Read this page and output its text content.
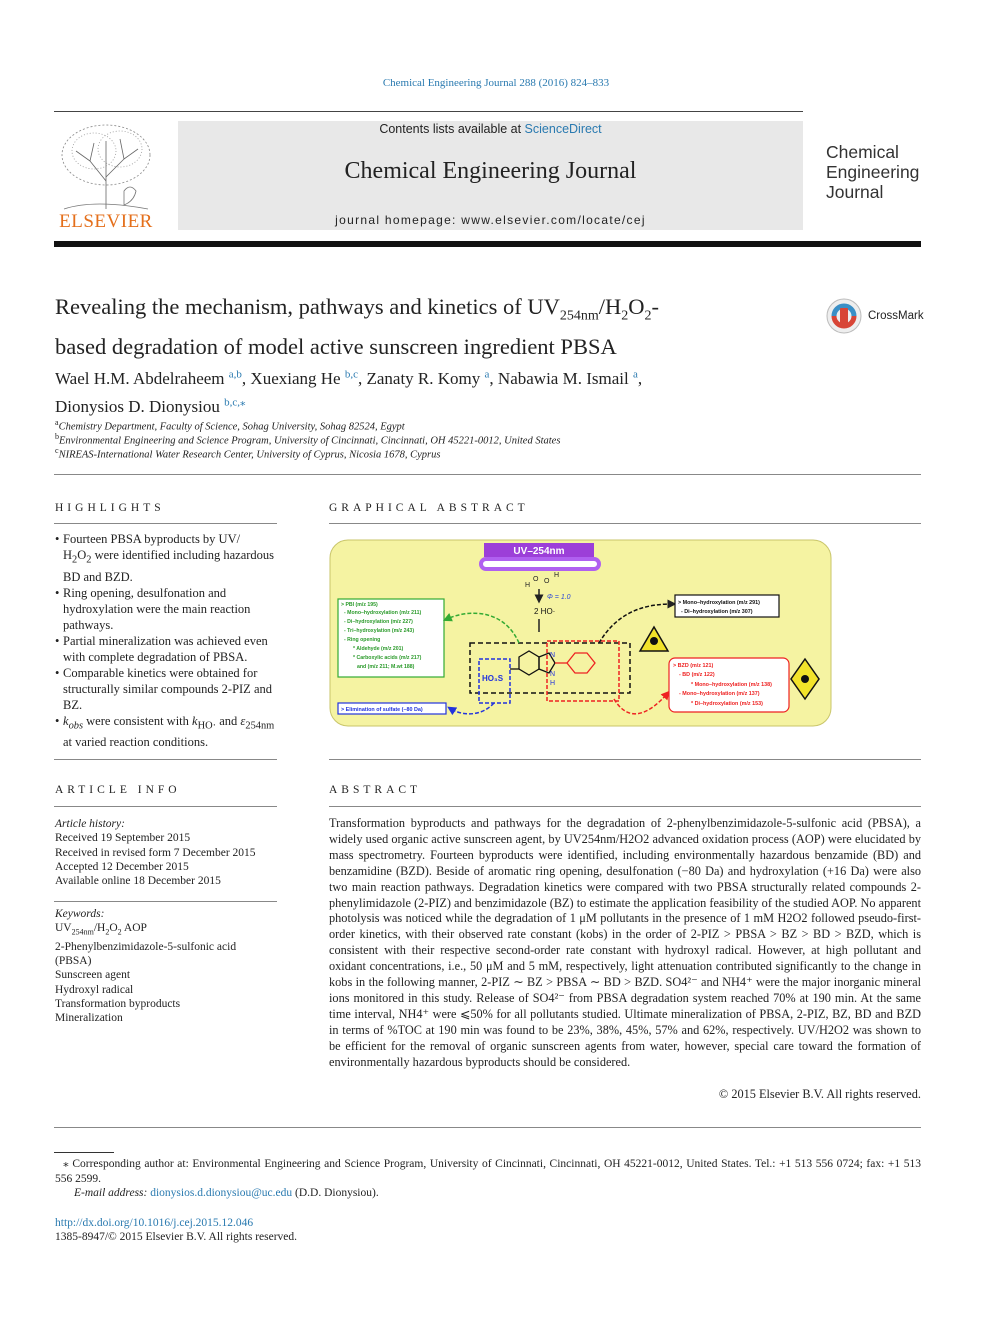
Chemical Engineering Journal 288 (2016) 824–833
ELSEVIER
Contents lists available at ScienceDirect
Chemical Engineering Journal
journal homepage: www.elsevier.com/locate/cej
Chemical
Engineering
Journal
Revealing the mechanism, pathways and kinetics of $UV_{254nm}/H_2O_2-$
based degradation of model active sunscreen ingredient PBSA
CrossMark
Wael H.M. Abdelraheem $^{a,b}$, Xuexiang He $^{b,c}$, Zanaty R. Komy $^a$, Nabawia M. Ismail $^a$,
Dionysios D. Dionysiou $^{b,c,⁎}$
$^a$Chemistry Department, Faculty of Science, Sohag University, Sohag 82524, Egypt
$^b$Environmental Engineering and Science Program, University of Cincinnati, Cincinnati, OH 45221-0012, United States
$^c$NIREAS-International Water Research Center, University of Cyprus, Nicosia 1678, Cyprus
HIGHLIGHTS
• Fourteen PBSA byproducts by UV/
$H_2O_2$ were identified including hazardous BD and BZD.
• Ring opening, desulfonation and hydroxylation were the main reaction pathways.
• Partial mineralization was achieved even with complete degradation of PBSA.
• Comparable kinetics were obtained for structurally similar compounds 2-PIZ and BZ.
• $k_{obs}$ were consistent with $k_{HO\cdot}$ and $\varepsilon_{254nm}$ at varied reaction conditions.
GRAPHICAL ABSTRACT
UV–254nm
H
O O
H
Φ = 1.0
2 HO·
> PBI (m/z 195)
- Mono–hydroxylation (m/z 211)
- Di–hydroxylation (m/z 227)
- Tri–hydroxylation (m/z 243)
- Ring opening
* Aldehyde (m/z 201)
* Carboxylic acids (m/z 217)
and (m/z 211; M.wt 188)
HO₃S
N
N
H
> Mono–hydroxylation (m/z 291)
- Di–hydroxylation (m/z 307)
> BZD (m/z 121)
- BD (m/z 122)
* Mono–hydroxylation (m/z 138)
- Mono–hydroxylation (m/z 137)
* Di–hydroxylation (m/z 153)
> Elimination of sulfate (–80 Da)
ARTICLE INFO
Article history:
Received 19 September 2015
Received in revised form 7 December 2015
Accepted 12 December 2015
Available online 18 December 2015
Keywords:
$UV_{254nm}/H_2O_2$ AOP
2-Phenylbenzimidazole-5-sulfonic acid
(PBSA)
Sunscreen agent
Hydroxyl radical
Transformation byproducts
Mineralization
ABSTRACT
Transformation byproducts and pathways for the degradation of 2-phenylbenzimidazole-5-sulfonic acid (PBSA), a widely used organic active sunscreen agent, by UV254nm/H2O2 advanced oxidation process (AOP) were elucidated by mass spectrometry. Fourteen byproducts were identified, including environmentally hazardous benzamide (BD) and benzamidine (BZD). Beside of aromatic ring opening, desulfonation (−80 Da) and hydroxylation (+16 Da) were also two main reaction pathways. Degradation kinetics were compared with two PBSA structurally related compounds 2-phenylimidazole (2-PIZ) and benzimidazole (BZ) to estimate the application feasibility of the studied AOP. No apparent photolysis was noticed while the degradation of 1 μM pollutants in the presence of 1 mM H2O2 followed pseudo-first-order kinetics, with their observed rate constant (kobs) in the order of 2-PIZ > PBSA > BZ > BD > BZD, which is consistent with their respective second-order rate constant with hydroxyl radical. However, at high pollutant and oxidant concentrations, i.e., 50 μM and 5 mM, respectively, light attenuation contributed significantly to the change in kobs in the following manner, 2-PIZ ∼ BZ > PBSA ∼ BD > BZD. SO4²⁻ and NH4⁺ were the major inorganic mineral ions monitored in this study. Release of SO4²⁻ from PBSA degradation system reached 70% at 190 min. At the same time interval, NH4⁺ were ⩽50% for all pollutants studied. Ultimate mineralization of PBSA, 2-PIZ, BZ, BD and BZD in terms of %TOC at 190 min was found to be 23%, 38%, 45%, 57% and 62%, respectively. UV/H2O2 was shown to be efficient for the removal of organic sunscreen agents from water, however, special care toward the formation of environmentally hazardous byproducts should be considered.
© 2015 Elsevier B.V. All rights reserved.
⁎ Corresponding author at: Environmental Engineering and Science Program, University of Cincinnati, Cincinnati, OH 45221-0012, United States. Tel.: +1 513 556 0724; fax: +1 513 556 2599.
E-mail address: dionysios.d.dionysiou@uc.edu (D.D. Dionysiou).
http://dx.doi.org/10.1016/j.cej.2015.12.046
1385-8947/© 2015 Elsevier B.V. All rights reserved.
